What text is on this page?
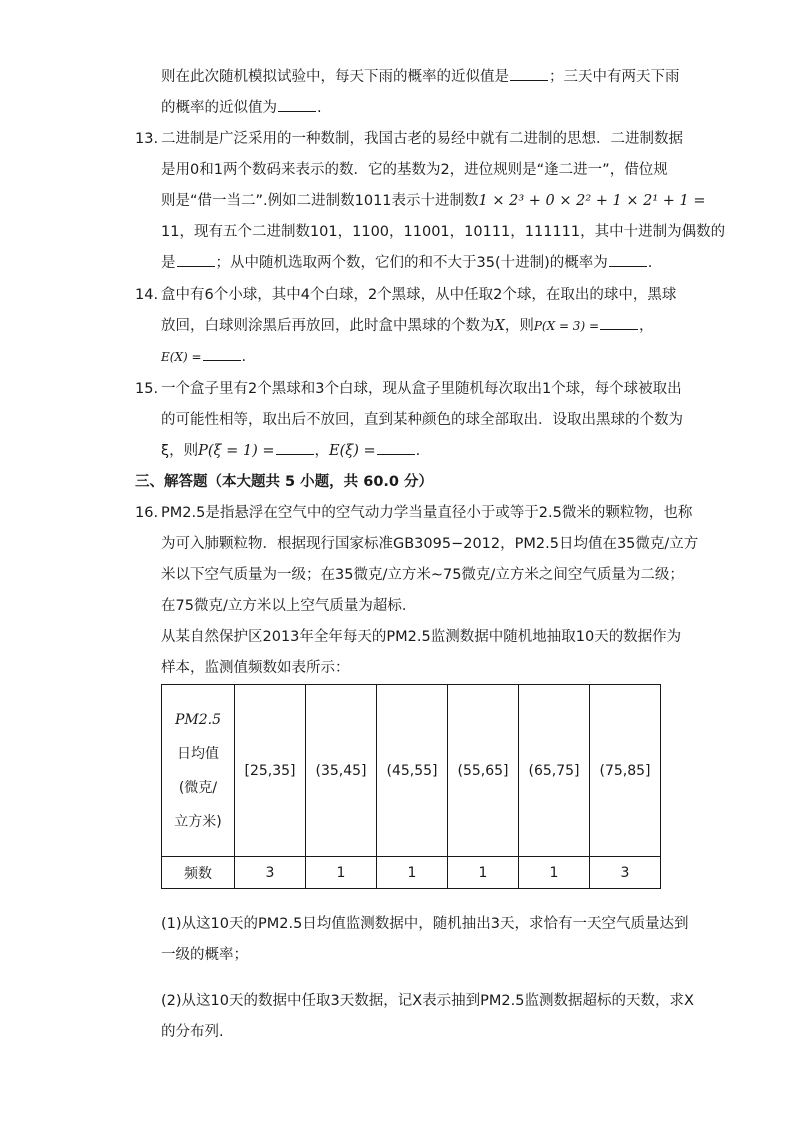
则在此次随机模拟试验中，每天下雨的概率的近似值是	；三天中有两天下雨
的概率的近似值为	.
13. 二进制是广泛采用的一种数制，我国古老的易经中就有二进制的思想．二进制数据
是用0和1两个数码来表示的数．它的基数为2，进位规则是“逢二进一”，借位规
则是“借一当二”.例如二进制数1011表示十进制数1 × 2³ + 0 × 2² + 1 × 2¹ + 1 =
11，现有五个二进制数101，1100，11001，10111，111111，其中十进制为偶数的
是	；从中随机选取两个数，它们的和不大于35(十进制)的概率为	.
14. 盒中有6个小球，其中4个白球，2个黑球，从中任取2个球，在取出的球中，黑球
放回，白球则涂黑后再放回，此时盒中黑球的个数为X，则P(X = 3) =	，
E(X) =	.
15. 一个盒子里有2个黑球和3个白球，现从盒子里随机每次取出1个球，每个球被取出
的可能性相等，取出后不放回，直到某种颜色的球全部取出．设取出黑球的个数为
ξ，则P(ξ = 1) =	，E(ξ) =	.
三、解答题（本大题共 5 小题，共 60.0 分）
16. PM2.5是指悬浮在空气中的空气动力学当量直径小于或等于2.5微米的颗粒物，也称
为可入肺颗粒物．根据现行国家标准GB3095−2012，PM2.5日均值在35微克/立方
米以下空气质量为一级；在35微克/立方米∼75微克/立方米之间空气质量为二级；
在75微克/立方米以上空气质量为超标．
从某自然保护区2013年全年每天的PM2.5监测数据中随机地抽取10天的数据作为
样本，监测值频数如表所示：
PM2.5
日均值
(微克/
立方米)	[25,35]	(35,45]	(45,55]	(55,65]	(65,75]	(75,85]
频数	3	1	1	1	1	3
(1)从这10天的PM2.5日均值监测数据中，随机抽出3天，求恰有一天空气质量达到
一级的概率；
(2)从这10天的数据中任取3天数据，记X表示抽到PM2.5监测数据超标的天数，求X
的分布列.
